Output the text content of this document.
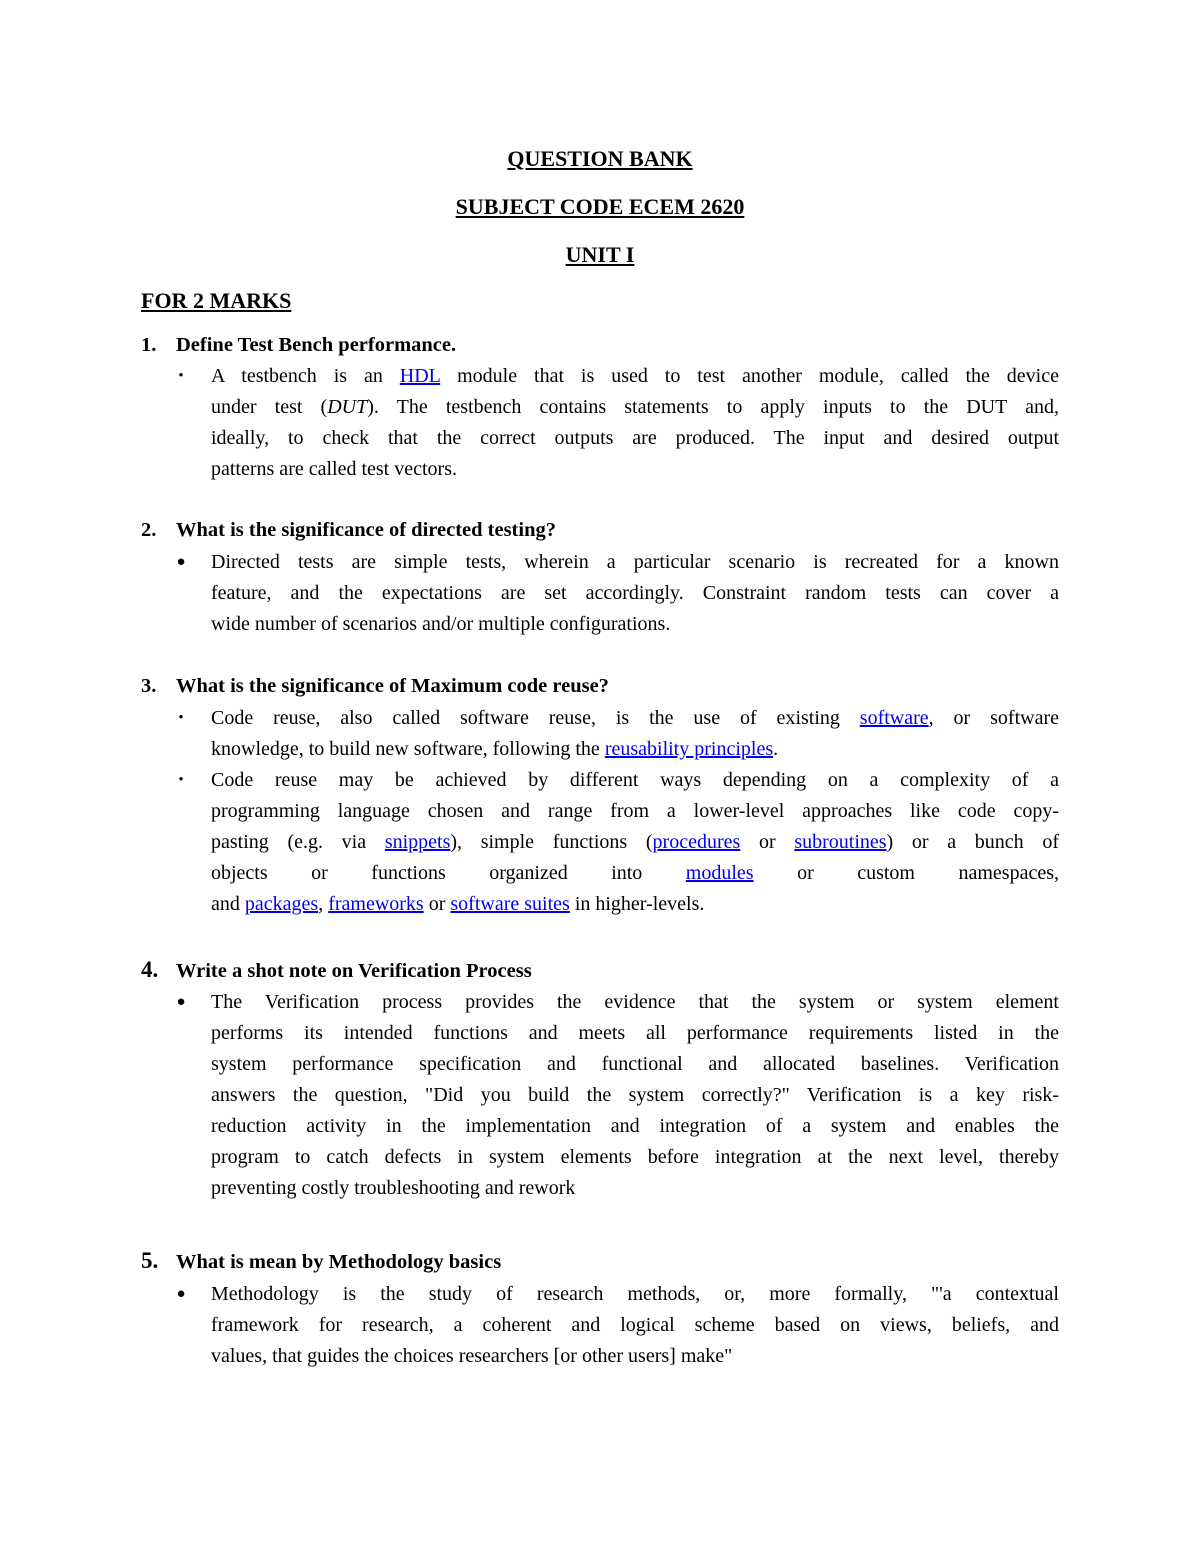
QUESTION BANK
SUBJECT CODE ECEM 2620
UNIT I
FOR 2 MARKS
1. Define Test Bench performance.
• A testbench is an HDL module that is used to test another module, called the device
under test (DUT). The testbench contains statements to apply inputs to the DUT and,
ideally, to check that the correct outputs are produced. The input and desired output
patterns are called test vectors.
2. What is the significance of directed testing?
● Directed tests are simple tests, wherein a particular scenario is recreated for a known
feature, and the expectations are set accordingly. Constraint random tests can cover a
wide number of scenarios and/or multiple configurations.
3. What is the significance of Maximum code reuse?
• Code reuse, also called software reuse, is the use of existing software, or software
knowledge, to build new software, following the reusability principles.
• Code reuse may be achieved by different ways depending on a complexity of a
programming language chosen and range from a lower-level approaches like code copy-
pasting (e.g. via snippets), simple functions (procedures or subroutines) or a bunch of
objects or functions organized into modules or custom namespaces,
and packages, frameworks or software suites in higher-levels.
4. Write a shot note on Verification Process
● The Verification process provides the evidence that the system or system element
performs its intended functions and meets all performance requirements listed in the
system performance specification and functional and allocated baselines. Verification
answers the question, "Did you build the system correctly?" Verification is a key risk-
reduction activity in the implementation and integration of a system and enables the
program to catch defects in system elements before integration at the next level, thereby
preventing costly troubleshooting and rework
5. What is mean by Methodology basics
● Methodology is the study of research methods, or, more formally, "'a contextual
framework for research, a coherent and logical scheme based on views, beliefs, and
values, that guides the choices researchers [or other users] make"
